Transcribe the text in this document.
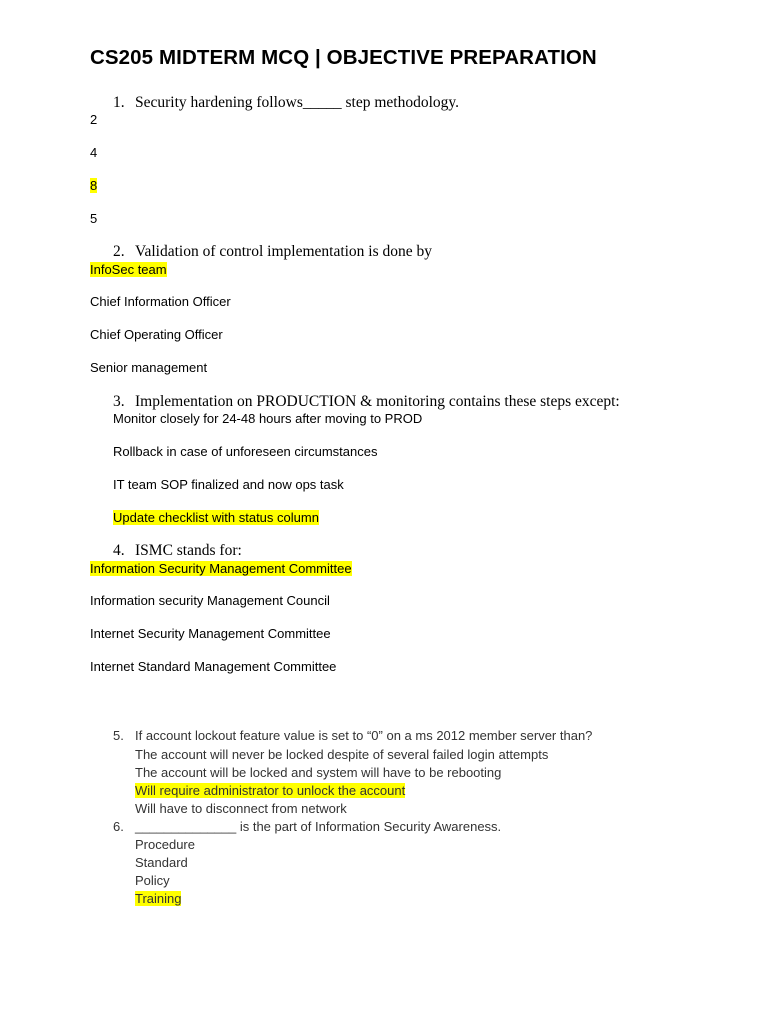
CS205 MIDTERM MCQ | OBJECTIVE PREPARATION
1. Security hardening follows_____ step methodology.
2
4
8
5
2. Validation of control implementation is done by
InfoSec team
Chief Information Officer
Chief Operating Officer
Senior management
3. Implementation on PRODUCTION & monitoring contains these steps except:
Monitor closely for 24-48 hours after moving to PROD
Rollback in case of unforeseen circumstances
IT team SOP finalized and now ops task
Update checklist with status column
4. ISMC stands for:
Information Security Management Committee
Information security Management Council
Internet Security Management Committee
Internet Standard Management Committee
5. If account lockout feature value is set to “0” on a ms 2012 member server than?
The account will never be locked despite of several failed login attempts
The account will be locked and system will have to be rebooting
Will require administrator to unlock the account
Will have to disconnect from network
6. ______________ is the part of Information Security Awareness.
Procedure
Standard
Policy
Training
